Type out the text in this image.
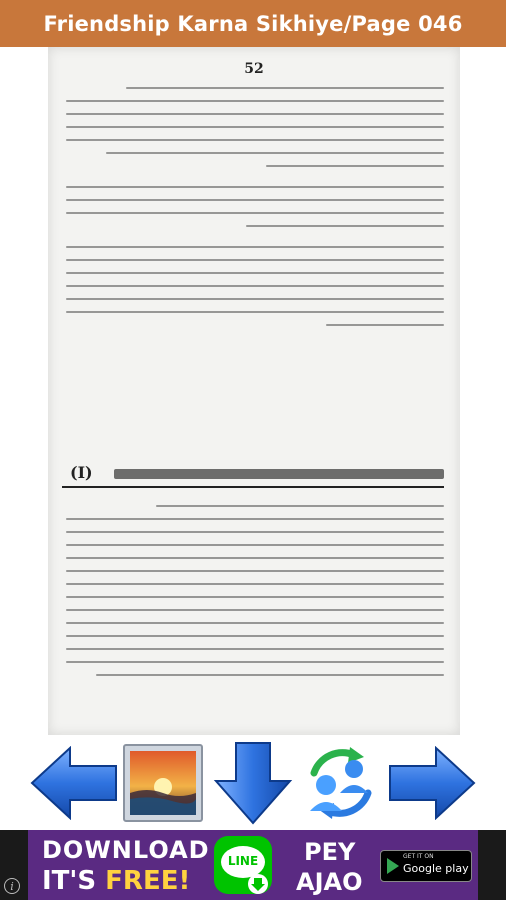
Friendship Karna Sikhiye/Page 046
52
(I)
DOWNLOAD
IT'S FREE!
LINE	PEY
AJAO
GET IT ON
Google play
i
